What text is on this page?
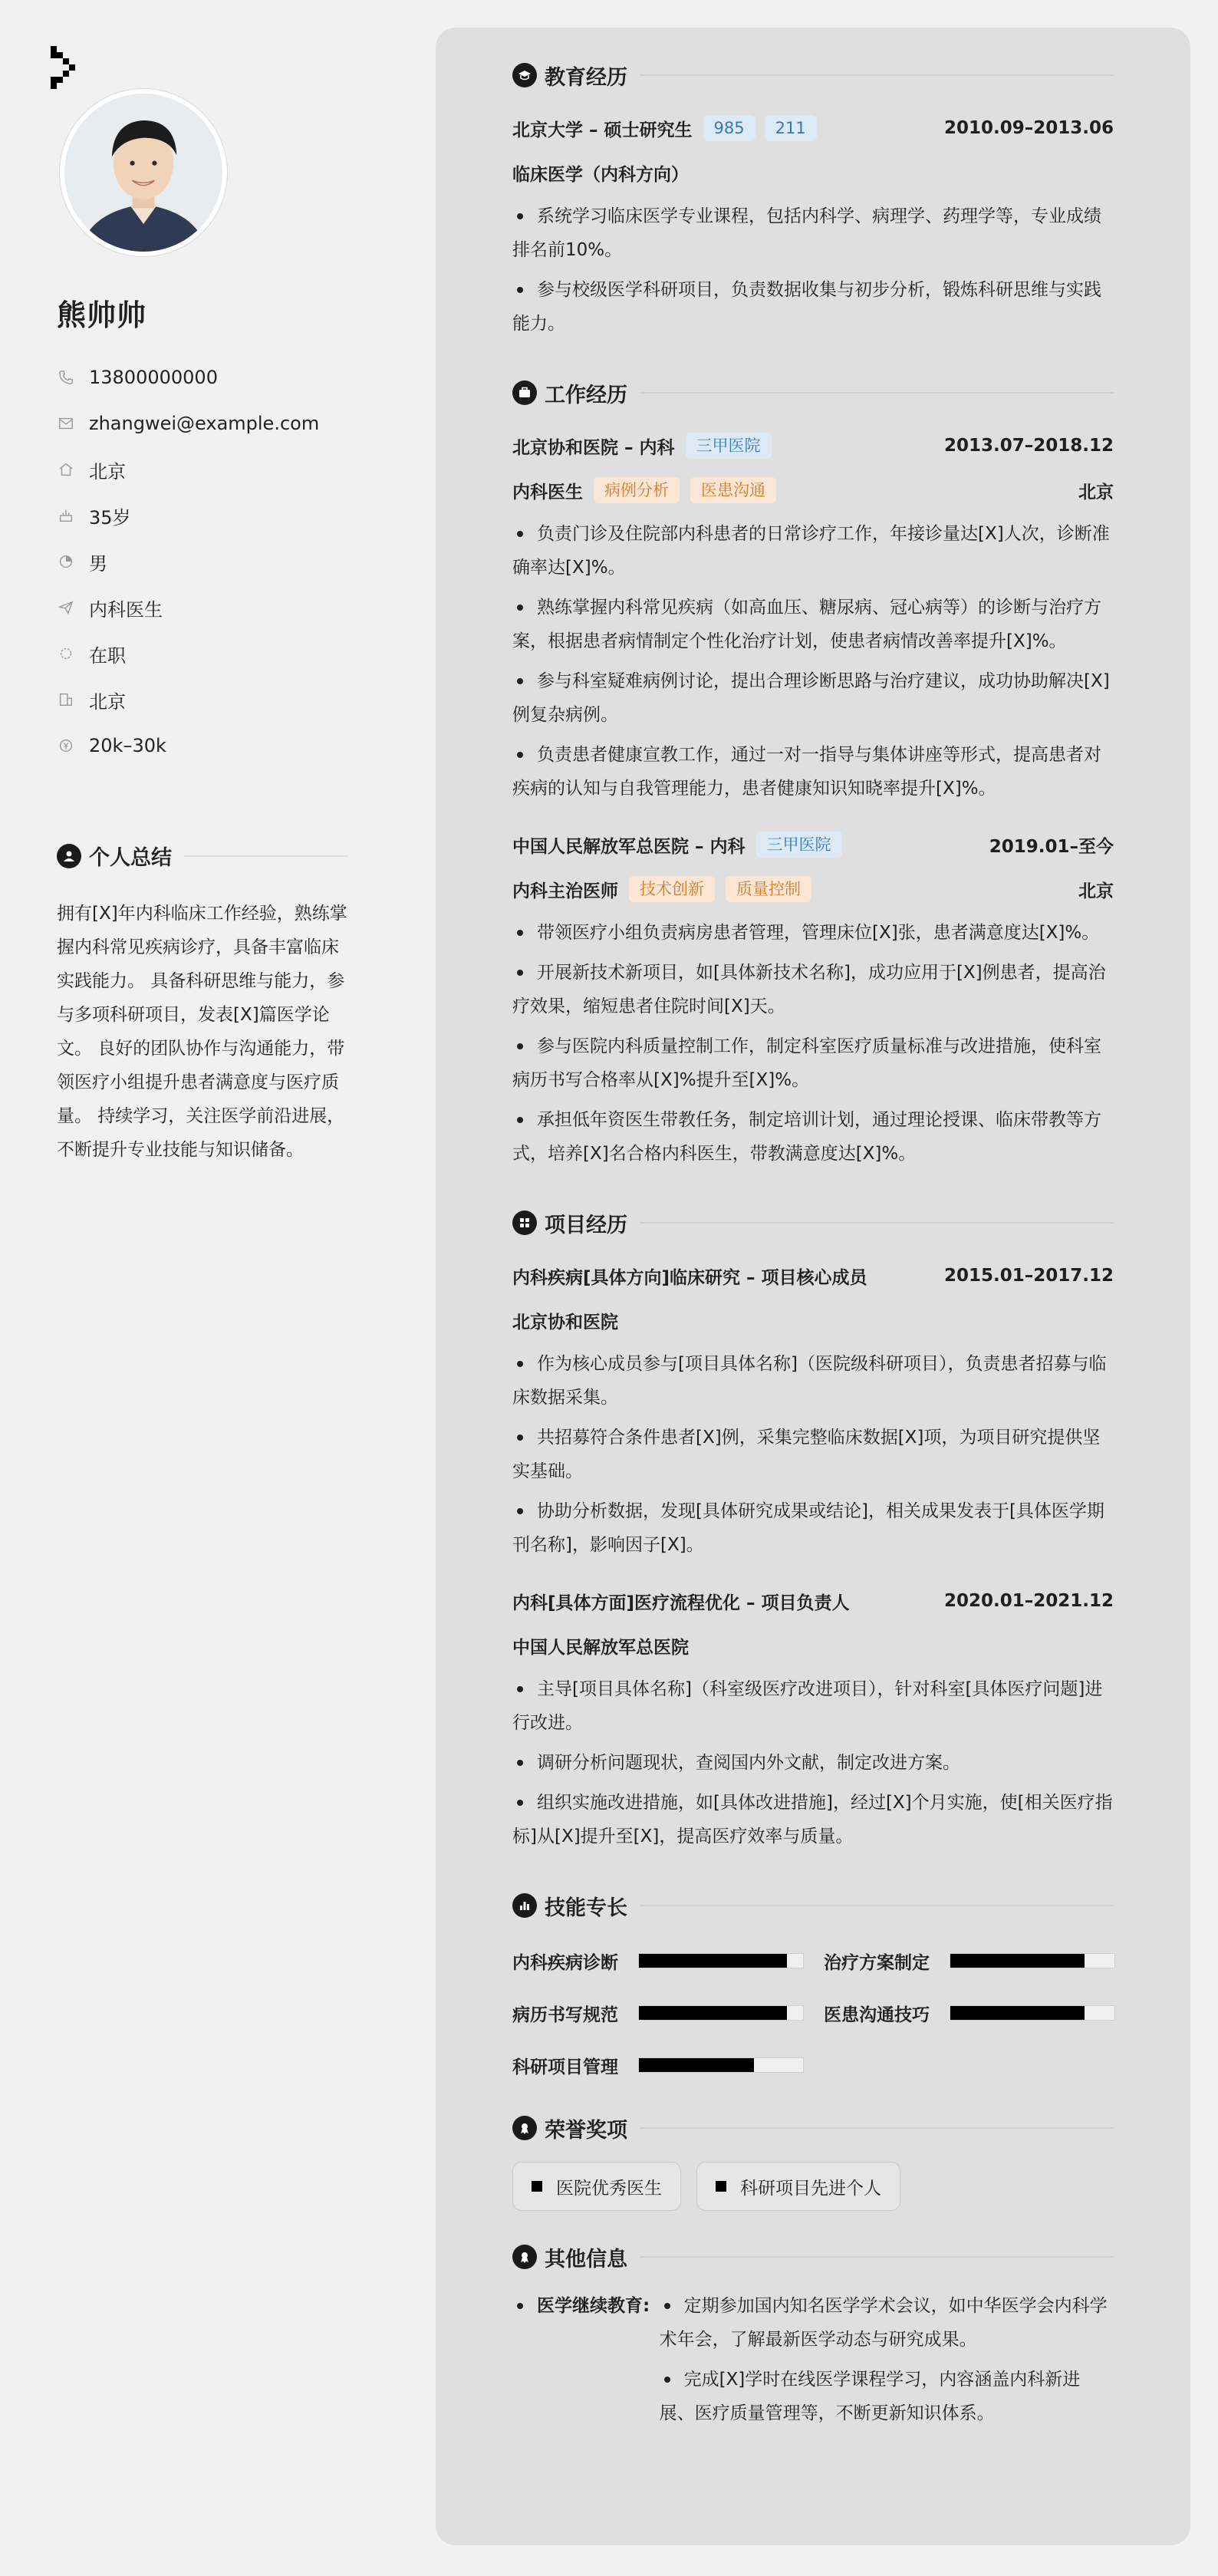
熊帅帅
13800000000
zhangwei@example.com
北京
35岁
男
内科医生
在职
北京
20k–30k
个人总结
拥有[X]年内科临床工作经验，熟练掌握内科常见疾病诊疗，具备丰富临床实践能力。 具备科研思维与能力，参与多项科研项目，发表[X]篇医学论文。 良好的团队协作与沟通能力，带领医疗小组提升患者满意度与医疗质量。 持续学习，关注医学前沿进展，不断提升专业技能与知识储备。
教育经历
北京大学 – 硕士研究生	985	211	2010.09–2013.06
临床医学（内科方向）
系统学习临床医学专业课程，包括内科学、病理学、药理学等，专业成绩排名前10%。
参与校级医学科研项目，负责数据收集与初步分析，锻炼科研思维与实践能力。
工作经历
北京协和医院 – 内科	三甲医院	2013.07–2018.12
内科医生	病例分析	医患沟通	北京
负责门诊及住院部内科患者的日常诊疗工作，年接诊量达[X]人次，诊断准确率达[X]%。
熟练掌握内科常见疾病（如高血压、糖尿病、冠心病等）的诊断与治疗方案，根据患者病情制定个性化治疗计划，使患者病情改善率提升[X]%。
参与科室疑难病例讨论，提出合理诊断思路与治疗建议，成功协助解决[X]例复杂病例。
负责患者健康宣教工作，通过一对一指导与集体讲座等形式，提高患者对疾病的认知与自我管理能力，患者健康知识知晓率提升[X]%。
中国人民解放军总医院 – 内科	三甲医院	2019.01–至今
内科主治医师	技术创新	质量控制	北京
带领医疗小组负责病房患者管理，管理床位[X]张，患者满意度达[X]%。
开展新技术新项目，如[具体新技术名称]，成功应用于[X]例患者，提高治疗效果，缩短患者住院时间[X]天。
参与医院内科质量控制工作，制定科室医疗质量标准与改进措施，使科室病历书写合格率从[X]%提升至[X]%。
承担低年资医生带教任务，制定培训计划，通过理论授课、临床带教等方式，培养[X]名合格内科医生，带教满意度达[X]%。
项目经历
内科疾病[具体方向]临床研究 – 项目核心成员	2015.01–2017.12
北京协和医院
作为核心成员参与[项目具体名称]（医院级科研项目），负责患者招募与临床数据采集。
共招募符合条件患者[X]例，采集完整临床数据[X]项，为项目研究提供坚实基础。
协助分析数据，发现[具体研究成果或结论]，相关成果发表于[具体医学期刊名称]，影响因子[X]。
内科[具体方面]医疗流程优化 – 项目负责人	2020.01–2021.12
中国人民解放军总医院
主导[项目具体名称]（科室级医疗改进项目），针对科室[具体医疗问题]进行改进。
调研分析问题现状，查阅国内外文献，制定改进方案。
组织实施改进措施，如[具体改进措施]，经过[X]个月实施，使[相关医疗指标]从[X]提升至[X]，提高医疗效率与质量。
技能专长
内科疾病诊断	治疗方案制定
病历书写规范	医患沟通技巧
科研项目管理
荣誉奖项
医院优秀医生	科研项目先进个人
其他信息
医学继续教育:	定期参加国内知名医学学术会议，如中华医学会内科学术年会，了解最新医学动态与研究成果。
完成[X]学时在线医学课程学习，内容涵盖内科新进展、医疗质量管理等，不断更新知识体系。
